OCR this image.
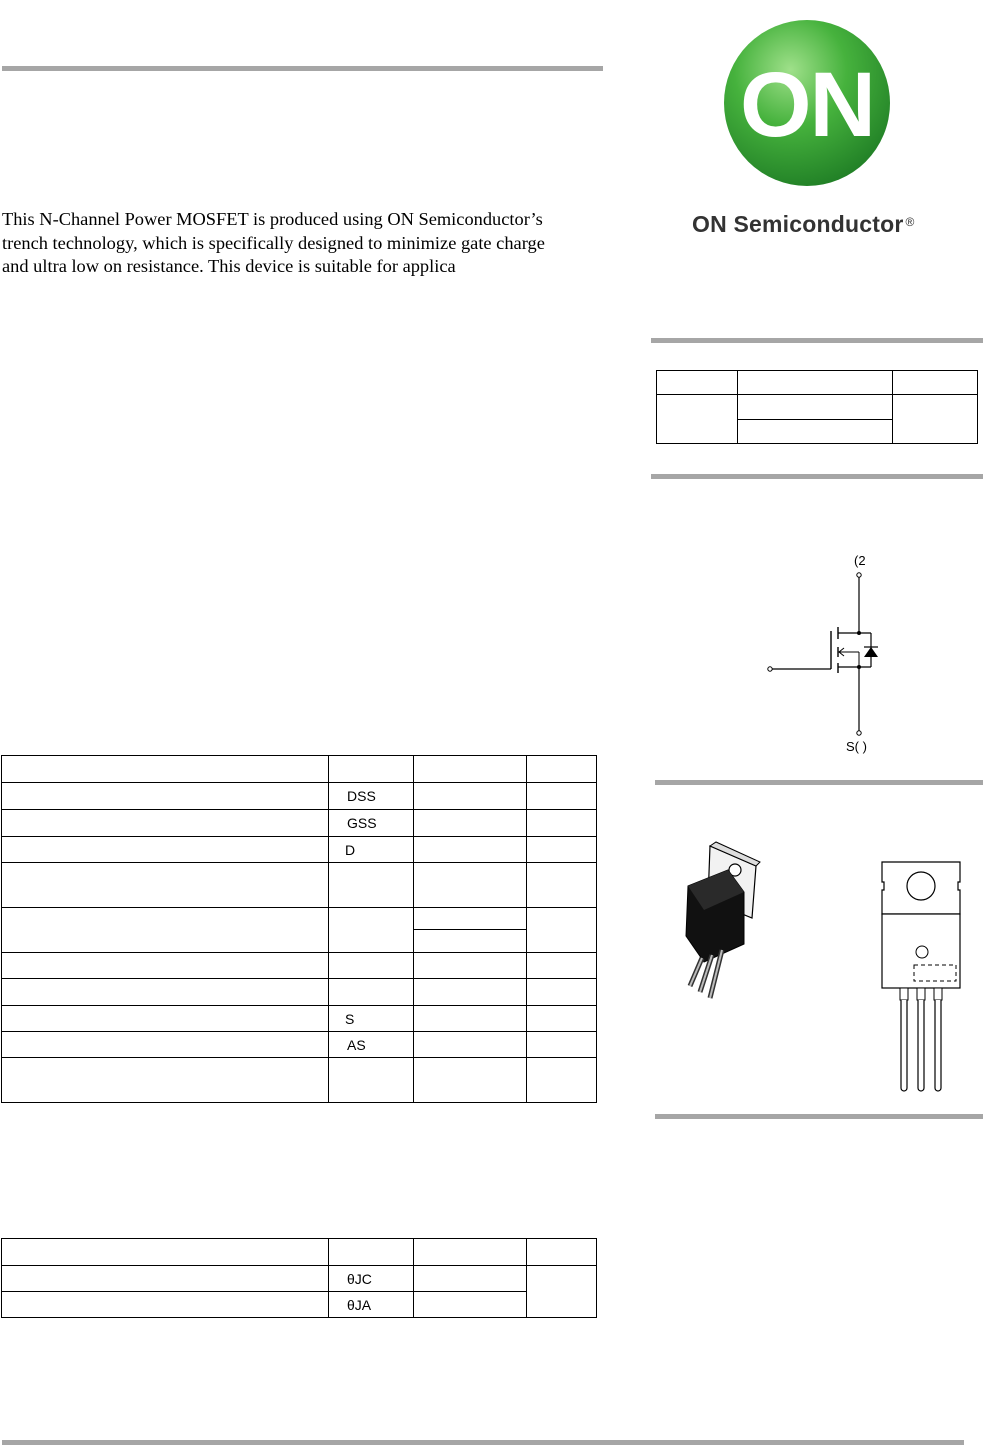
This N-Channel Power MOSFET is produced using ON Semiconductor’s
trench technology, which is specifically designed to minimize gate charge
and ultra low on resistance. This device is suitable for applica
ON
ON Semiconductor ®

(2
S( )

	DSS		
	GSS		
	D		

	S		
	AS		

	θJC		
	θJA		
